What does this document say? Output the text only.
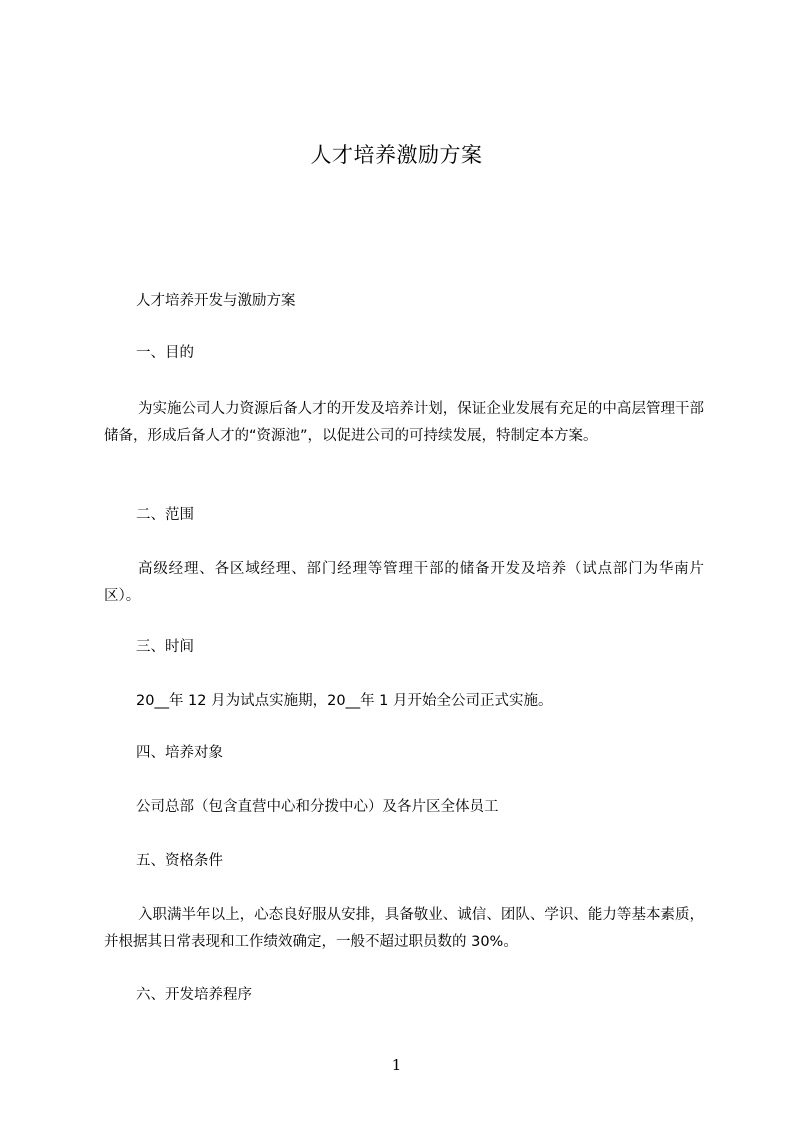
人才培养激励方案
人才培养开发与激励方案
一、目的
为实施公司人力资源后备人才的开发及培养计划，保证企业发展有充足的中高层管理干部储备，形成后备人才的“资源池”，以促进公司的可持续发展，特制定本方案。
二、范围
高级经理、各区域经理、部门经理等管理干部的储备开发及培养（试点部门为华南片区）。
三、时间
20__年 12 月为试点实施期，20__年 1 月开始全公司正式实施。
四、培养对象
公司总部（包含直营中心和分拨中心）及各片区全体员工
五、资格条件
入职满半年以上，心态良好服从安排，具备敬业、诚信、团队、学识、能力等基本素质，并根据其日常表现和工作绩效确定，一般不超过职员数的 30%。
六、开发培养程序
1
